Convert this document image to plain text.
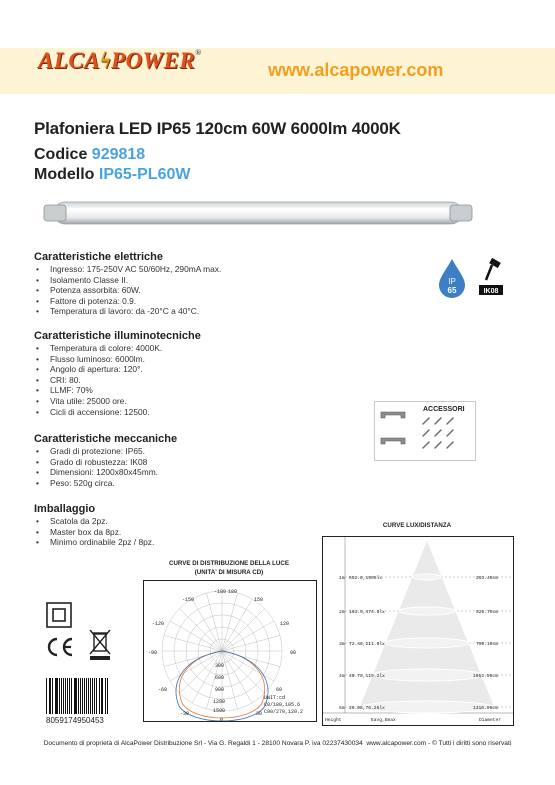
ALCAϟPOWER®
www.alcapower.com
Plafoniera LED IP65 120cm 60W 6000lm 4000K
Codice 929818
Modello IP65-PL60W
IP
65	IK08
Caratteristiche elettriche
• Ingresso: 175-250V AC 50/60Hz, 290mA max.
• Isolamento Classe II.
• Potenza assorbita: 60W.
• Fattore di potenza: 0.9.
• Temperatura di lavoro: da -20°C a 40°C.
Caratteristiche illuminotecniche
• Temperatura di colore: 4000K.
• Flusso luminoso: 6000lm.
• Angolo di apertura: 120°.
• CRI: 80.
• LLMF: 70%
• Vita utile: 25000 ore.
• Cicli di accensione: 12500.
Caratteristiche meccaniche
• Gradi di protezione: IP65.
• Grado di robustezza: IK08
• Dimensioni: 1200x80x45mm.
• Peso: 520g circa.
Imballaggio
• Scatola da 2pz.
• Master box da 8pz.
• Minimo ordinabile 2pz / 8pz.
ACCESSORI
CURVE DI DISTRIBUZIONE DELLA LUCE
(UNITA' DI MISURA CD)
-180 180
-150	150
-120	120
-90	90
-60	60
-30	30
0
300
600
900
1200
1500
UNIT:cd
C0/180,105.6
C90/270,120.2
CURVE LUX/DISTANZA
1m
2m
3m
4m
5m
652.0,1995lx
163.5,474.6lx
72.48,211.6lx
40.78,119.2lx
26.08,76.26lx
263.40cm
526.79cm
790.19cm
1053.59cm
1316.99cm
Height	Eavg,Emax	Diameter
8059174950453
Documento di proprietà di AlcaPower Distribuzione Srl - Via G. Regaldi 1 - 28100 Novara P. iva 02237430034 www.alcapower.com - © Tutti i diritti sono riservati
